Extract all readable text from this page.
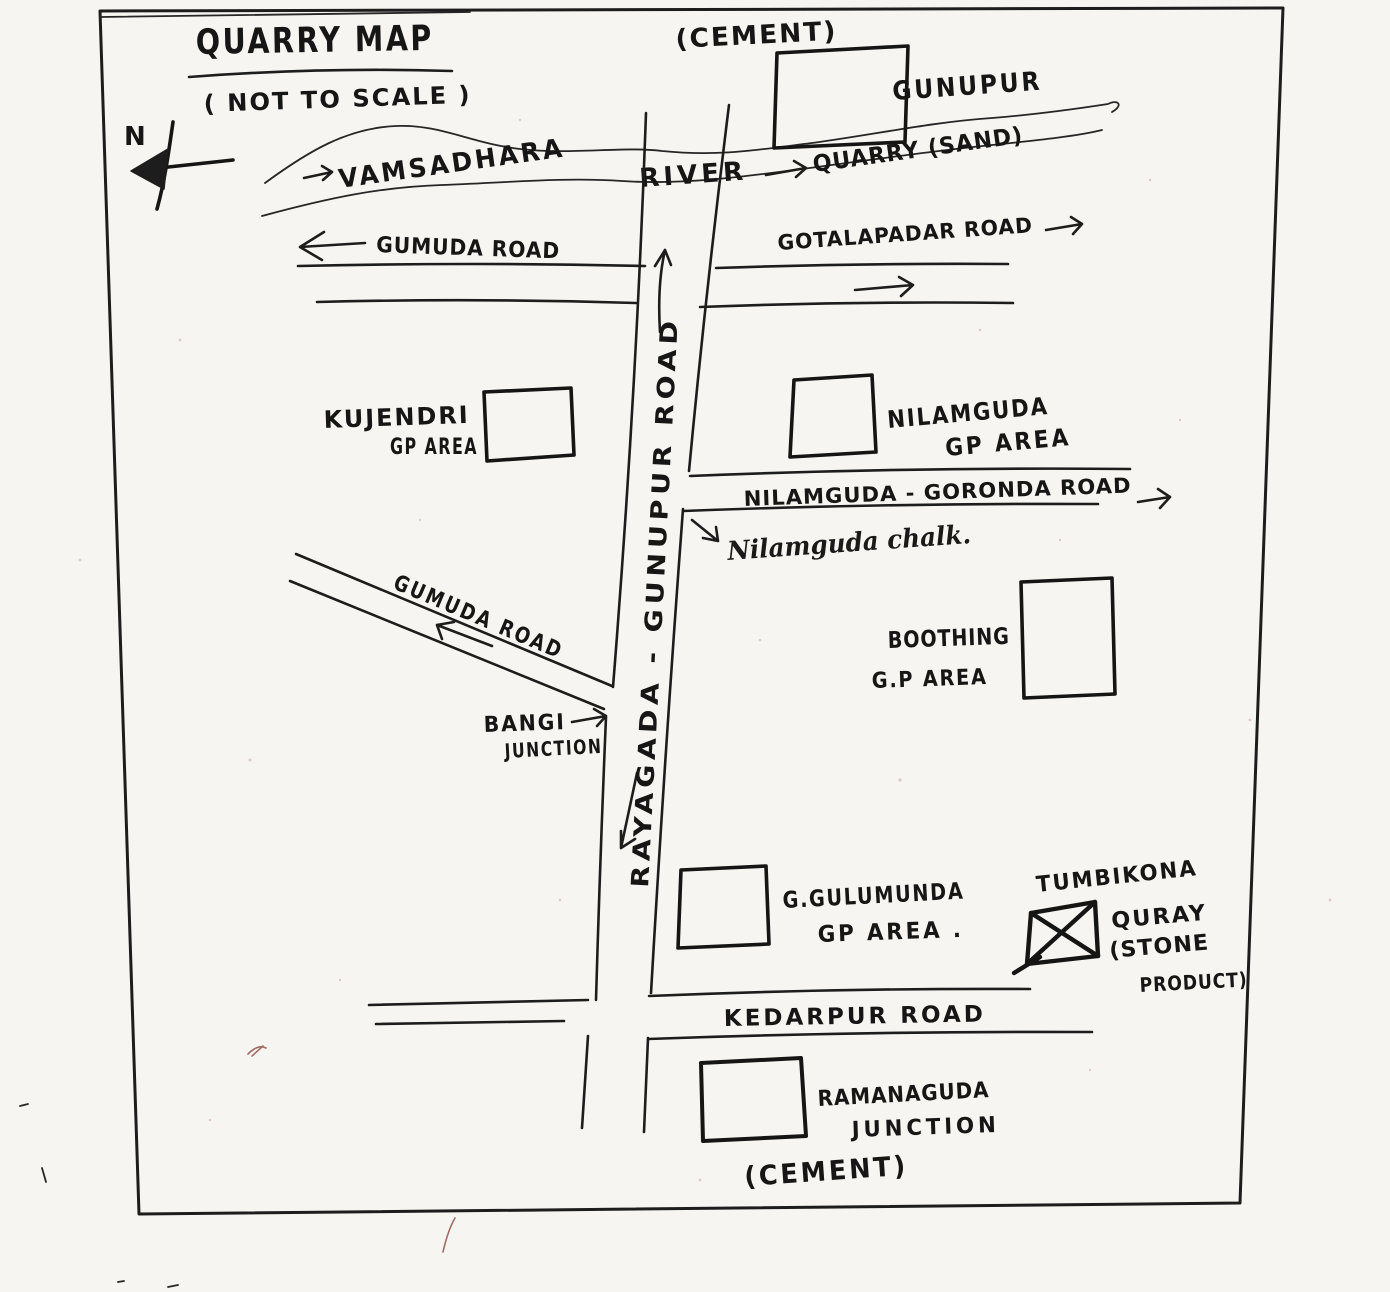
QUARRY MAP
( NOT TO SCALE )
N	VAMSADHARA RIVER	QUARRY (SAND)
(CEMENT)
GUNUPUR
GUMUDA ROAD	GOTALAPADAR ROAD
RAYAGADA - GUNUPUR ROAD
KUJENDRI
GP AREA
NILAMGUDA
GP AREA
NILAMGUDA - GORONDA ROAD
Nilamguda chalk.
BOOTHING
G.P AREA
GUMUDA ROAD
BANGI
JUNCTION
G.GULUMUNDA
GP AREA .
TUMBIKONA
QURAY
(STONE
PRODUCT)
KEDARPUR ROAD
RAMANAGUDA
JUNCTION
(CEMENT)
